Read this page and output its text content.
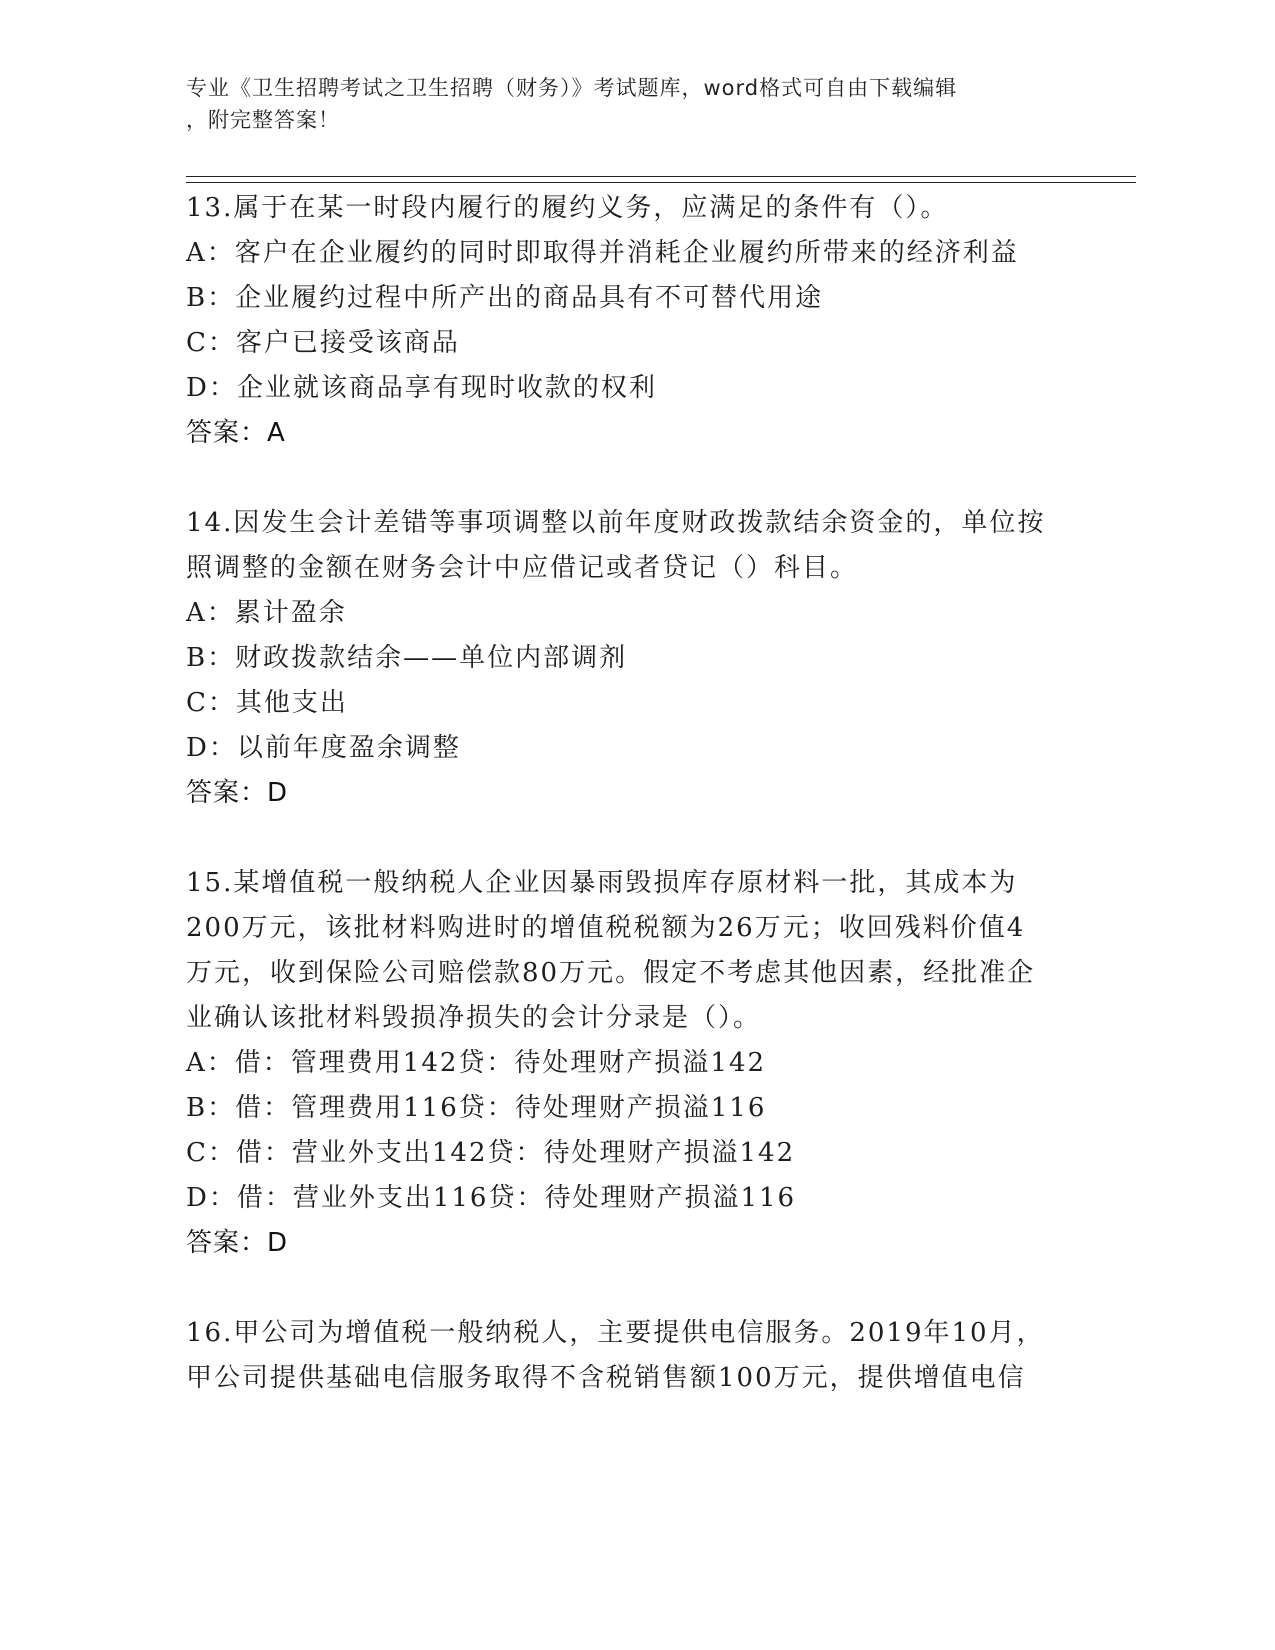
专业《卫生招聘考试之卫生招聘（财务）》考试题库，word格式可自由下载编辑
，附完整答案！
13.属于在某一时段内履行的履约义务，应满足的条件有（）。
A：客户在企业履约的同时即取得并消耗企业履约所带来的经济利益
B：企业履约过程中所产出的商品具有不可替代用途
C：客户已接受该商品
D：企业就该商品享有现时收款的权利
答案：A
14.因发生会计差错等事项调整以前年度财政拨款结余资金的，单位按
照调整的金额在财务会计中应借记或者贷记（）科目。
A：累计盈余
B：财政拨款结余——单位内部调剂
C：其他支出
D：以前年度盈余调整
答案：D
15.某增值税一般纳税人企业因暴雨毁损库存原材料一批，其成本为
200万元，该批材料购进时的增值税税额为26万元；收回残料价值4
万元，收到保险公司赔偿款80万元。假定不考虑其他因素，经批准企
业确认该批材料毁损净损失的会计分录是（）。
A：借：管理费用142贷：待处理财产损溢142
B：借：管理费用116贷：待处理财产损溢116
C：借：营业外支出142贷：待处理财产损溢142
D：借：营业外支出116贷：待处理财产损溢116
答案：D
16.甲公司为增值税一般纳税人，主要提供电信服务。2019年10月，
甲公司提供基础电信服务取得不含税销售额100万元，提供增值电信
